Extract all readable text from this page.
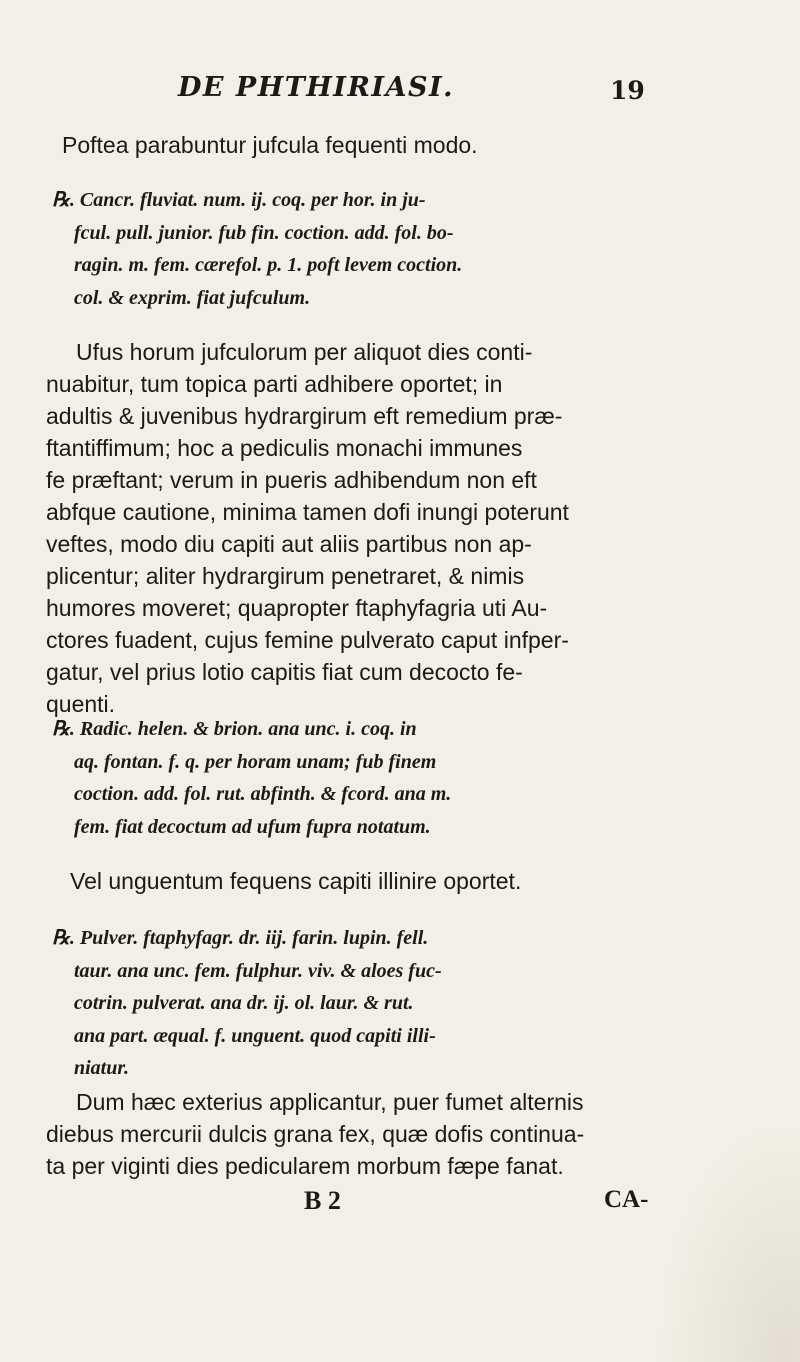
DE PHTHIRIASI.	19
Poftea parabuntur jufcula fequenti modo.
℞. Cancr. fluviat. num. ij. coq. per hor. in ju-
fcul. pull. junior. fub fin. coction. add. fol. bo-
ragin. m. fem. cærefol. p. 1. poft levem coction.
col. & exprim. fiat jufculum.
Ufus horum jufculorum per aliquot dies conti-
nuabitur, tum topica parti adhibere oportet; in
adultis & juvenibus hydrargirum eft remedium præ-
ftantiffimum; hoc a pediculis monachi immunes
fe præftant; verum in pueris adhibendum non eft
abfque cautione, minima tamen dofi inungi poterunt
veftes, modo diu capiti aut aliis partibus non ap-
plicentur; aliter hydrargirum penetraret, & nimis
humores moveret; quapropter ftaphyfagria uti Au-
ctores fuadent, cujus femine pulverato caput infper-
gatur, vel prius lotio capitis fiat cum decocto fe-
quenti.
℞. Radic. helen. & brion. ana unc. i. coq. in
aq. fontan. f. q. per horam unam; fub finem
coction. add. fol. rut. abfinth. & fcord. ana m.
fem. fiat decoctum ad ufum fupra notatum.
Vel unguentum fequens capiti illinire oportet.
℞. Pulver. ftaphyfagr. dr. iij. farin. lupin. fell.
taur. ana unc. fem. fulphur. viv. & aloes fuc-
cotrin. pulverat. ana dr. ij. ol. laur. & rut.
ana part. æqual. f. unguent. quod capiti illi-
niatur.
Dum hæc exterius applicantur, puer fumet alternis
diebus mercurii dulcis grana fex, quæ dofis continua-
ta per viginti dies pedicularem morbum fæpe fanat.
B 2	CA-
